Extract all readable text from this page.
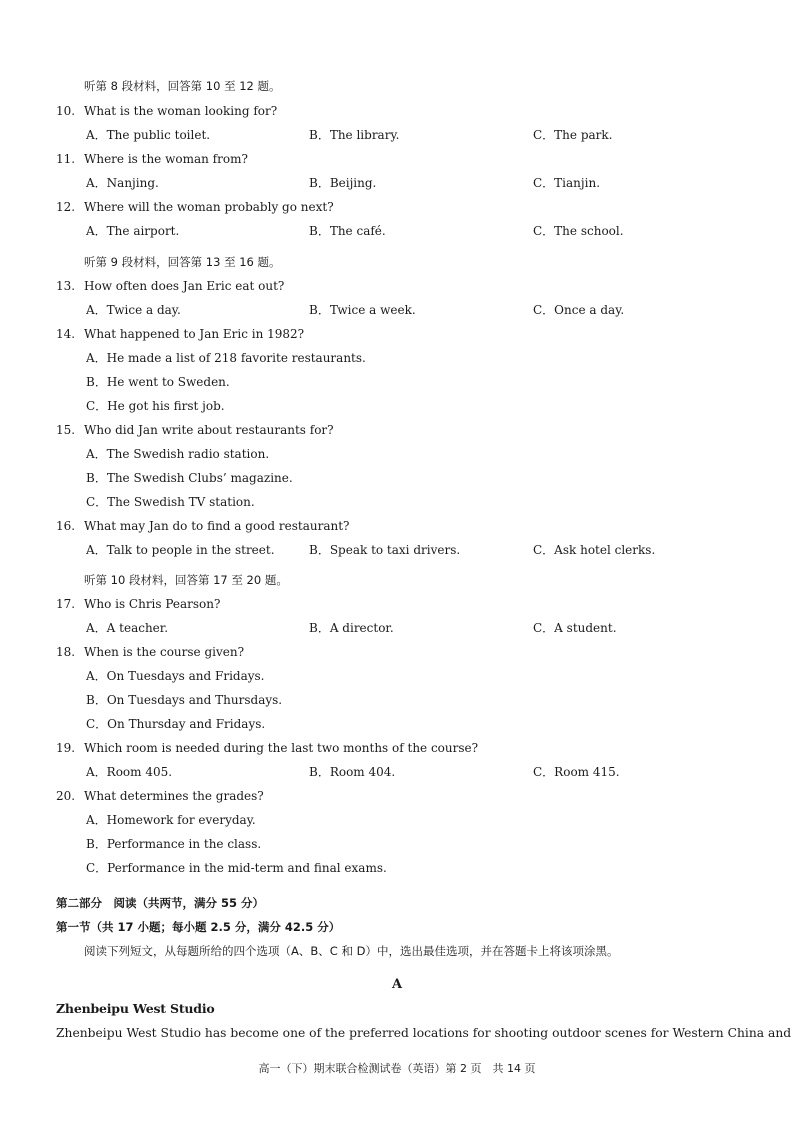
听第 8 段材料，回答第 10 至 12 题。
10. What is the woman looking for?
A．The public toilet.	B．The library.	C．The park.
11. Where is the woman from?
A．Nanjing.	B．Beijing.	C．Tianjin.
12. Where will the woman probably go next?
A．The airport.	B．The café.	C．The school.
听第 9 段材料，回答第 13 至 16 题。
13. How often does Jan Eric eat out?
A．Twice a day.	B．Twice a week.	C．Once a day.
14. What happened to Jan Eric in 1982?
A．He made a list of 218 favorite restaurants.
B．He went to Sweden.
C．He got his first job.
15. Who did Jan write about restaurants for?
A．The Swedish radio station.
B．The Swedish Clubs’ magazine.
C．The Swedish TV station.
16. What may Jan do to find a good restaurant?
A．Talk to people in the street.	B．Speak to taxi drivers.	C．Ask hotel clerks.
听第 10 段材料，回答第 17 至 20 题。
17. Who is Chris Pearson?
A．A teacher.	B．A director.	C．A student.
18. When is the course given?
A．On Tuesdays and Fridays.
B．On Tuesdays and Thursdays.
C．On Thursday and Fridays.
19. Which room is needed during the last two months of the course?
A．Room 405.	B．Room 404.	C．Room 415.
20. What determines the grades?
A．Homework for everyday.
B．Performance in the class.
C．Performance in the mid-term and final exams.
第二部分　阅读（共两节，满分 55 分）
第一节（共 17 小题；每小题 2.5 分，满分 42.5 分）
阅读下列短文，从每题所给的四个选项（A、B、C 和 D）中，选出最佳选项，并在答题卡上将该项涂黑。
A
Zhenbeipu West Studio
Zhenbeipu West Studio has become one of the preferred locations for shooting outdoor scenes for Western China and
高一（下）期末联合检测试卷（英语）第 2 页　共 14 页
